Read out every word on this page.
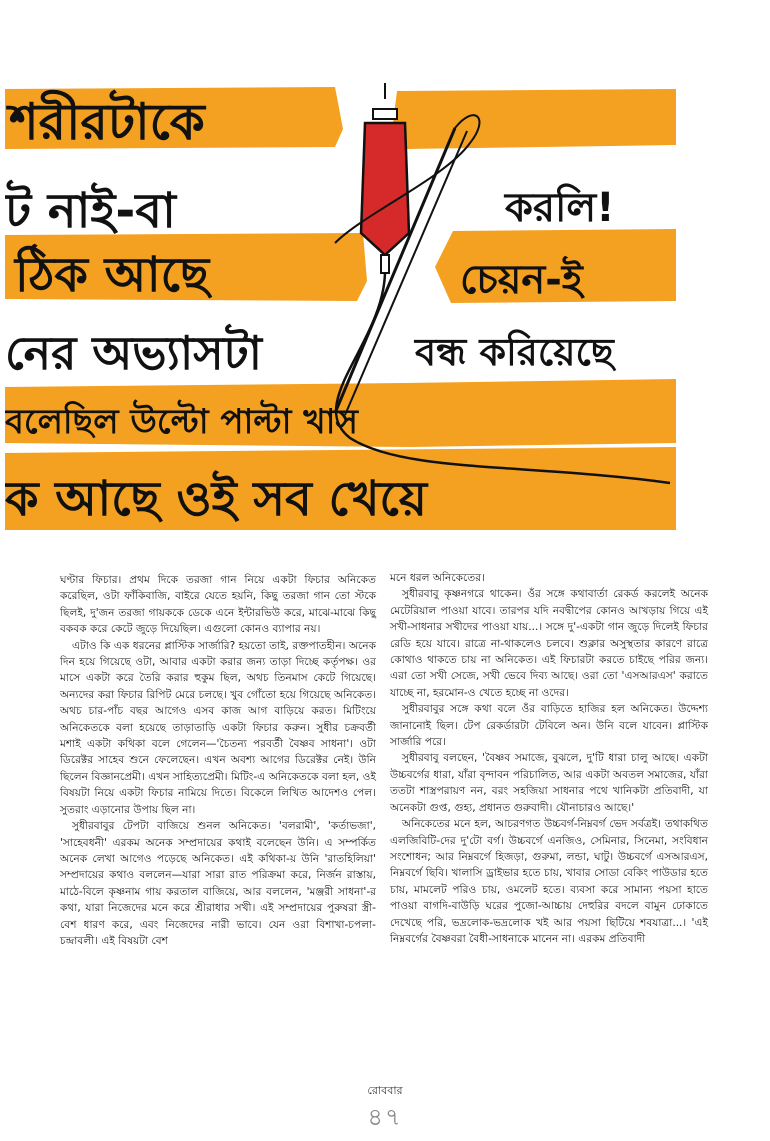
শরীরটাকে
ট নাই-বা
ঠিক আছে
নের অভ্যাসটা
বলেছিল উল্টো পাল্টা খাস
ক আছে ওই সব খেয়ে
করলি!
চেয়ন-ই
বন্ধ করিয়েছে

ঘণ্টার ফিচার। প্রথম দিকে তরজা গান নিয়ে একটা ফিচার অনিকেত করেছিল, ওটা ফাঁকিবাজি, বাইরে যেতে হয়নি, কিছু তরজা গান তো স্টকে ছিলই, দু'জন তরজা গায়ককে ডেকে এনে ইন্টারভিউ করে, মাঝে-মাঝে কিছু বকবক করে কেটে জুড়ে দিয়েছিল। এগুলো কোনও ব্যাপার নয়।

এটাও কি এক ধরনের প্লাস্টিক সার্জারি? হয়তো তাই, রক্তপাতহীন। অনেক দিন হয়ে গিয়েছে ওটা, আবার একটা করার জন্য তাড়া দিচ্ছে কর্তৃপক্ষ। ওর মাসে একটা করে তৈরি করার হুকুম ছিল, অথচ তিনমাস কেটে গিয়েছে। অন্যদের করা ফিচার রিপিট মেরে চলছে। খুব গোঁতো হয়ে গিয়েছে অনিকেত। অথচ চার-পাঁচ বছর আগেও এসব কাজ আগ বাড়িয়ে করত। মিটিংয়ে অনিকেতকে বলা হয়েছে তাড়াতাড়ি একটা ফিচার করুন। সুধীর চক্রবর্তী মশাই একটা কথিকা বলে গেলেন—'চৈতন্য পরবর্তী বৈষ্ণব সাধনা'। ওটা ডিরেক্টর সাহেব শুনে ফেলেছেন। এখন অবশ্য আগের ডিরেক্টর নেই। উনি ছিলেন বিজ্ঞানপ্রেমী। এখন সাহিত্যপ্রেমী। মিটিং-এ অনিকেতকে বলা হল, ওই বিষয়টা নিয়ে একটা ফিচার নামিয়ে দিতে। বিকেলে লিখিত আদেশও পেল। সুতরাং এড়ানোর উপায় ছিল না।

সুধীরবাবুর টেপটা বাজিয়ে শুনল অনিকেত। 'বলরামী', 'কর্তাভজা', 'সাহেবধনী' এরকম অনেক সম্প্রদায়ের কথাই বলেছেন উনি। এ সম্পর্কিত অনেক লেখা আগেও পড়েছে অনিকেত। এই কথিকা-য় উনি 'রাতহিলিয়া' সম্প্রদায়ের কথাও বললেন—যারা সারা রাত পরিক্রমা করে, নির্জন রাস্তায়, মাঠে-বিলে কৃষ্ণনাম গায় করতাল বাজিয়ে, আর বললেন, 'মঞ্জরী সাধনা'-র কথা, যারা নিজেদের মনে করে শ্রীরাধার সখী। এই সম্প্রদায়ের পুরুষরা স্ত্রী-বেশ ধারণ করে, এবং নিজেদের নারী ভাবে। যেন ওরা বিশাখা-চপলা-চন্দ্রাবলী। এই বিষয়টা বেশ

মনে ধরল অনিকেতের।

সুধীরবাবু কৃষ্ণনগরে থাকেন। ওঁর সঙ্গে কথাবার্তা রেকর্ড করলেই অনেক মেটেরিয়াল পাওয়া যাবে। তারপর যদি নবদ্বীপের কোনও আখড়ায় গিয়ে এই সখী-সাধনার সখীদের পাওয়া যায়...। সঙ্গে দু'-একটা গান জুড়ে দিলেই ফিচার রেডি হয়ে যাবে। রাত্রে না-থাকলেও চলবে। শুক্লার অসুস্থতার কারণে রাত্রে কোথাও থাকতে চায় না অনিকেত। এই ফিচারটা করতে চাইছে পরির জন্য। এরা তো সখী সেজে, সখী ভেবে দিব্য আছে। ওরা তো 'এসআরএস' করাতে যাচ্ছে না, হরমোন-ও খেতে হচ্ছে না ওদের।

সুধীরবাবুর সঙ্গে কথা বলে ওঁর বাড়িতে হাজির হল অনিকেত। উদ্দেশ্য জানানোই ছিল। টেপ রেকর্ডারটা টেবিলে অন। উনি বলে যাবেন। প্লাস্টিক সার্জারি পরে।

সুধীরবাবু বলছেন, 'বৈষ্ণব সমাজে, বুঝলে, দু'টি ধারা চালু আছে। একটা উচ্চবর্গের ধারা, যাঁরা বৃন্দাবন পরিচালিত, আর একটা অবতল সমাজের, যাঁরা ততটা শাস্ত্রপরায়ণ নন, বরং সহজিয়া সাধনার পথে খানিকটা প্রতিবাদী, যা অনেকটা গুপ্ত, গুহ্য, প্রধানত গুরুবাদী। যৌনাচারও আছে।'

অনিকেতের মনে হল, আচরণগত উচ্চবর্গ-নিম্নবর্গ ভেদ সর্বত্রই। তথাকথিত এলজিবিটি-দের দু'টো বর্গ। উচ্চবর্গে এনজিও, সেমিনার, সিনেমা, সংবিধান সংশোধন; আর নিম্নবর্গে হিজড়া, গুরুমা, লন্ডা, ঘাটু। উচ্চবর্গে এসআরএস, নিম্নবর্গে ছিবি। খালাসি ড্রাইভার হতে চায়, খাবার সোডা বেকিং পাউডার হতে চায়, মামলেট পরিও চায়, ওমলেট হতে। ব্যবসা করে সামান্য পয়সা হাতে পাওয়া বাগদি-বাউড়ি ঘরের পুজো-আচ্চায় দেহুরির বদলে বামুন ঢোকাতে দেখেছে পরি, ভদ্রলোক-ভদ্রলোক খই আর পয়সা ছিটিয়ে শবযাত্রা...। 'এই নিম্নবর্গের বৈষ্ণবরা বৈধী-সাধনাকে মানেন না। এরকম প্রতিবাদী

রোববার
৪৭
